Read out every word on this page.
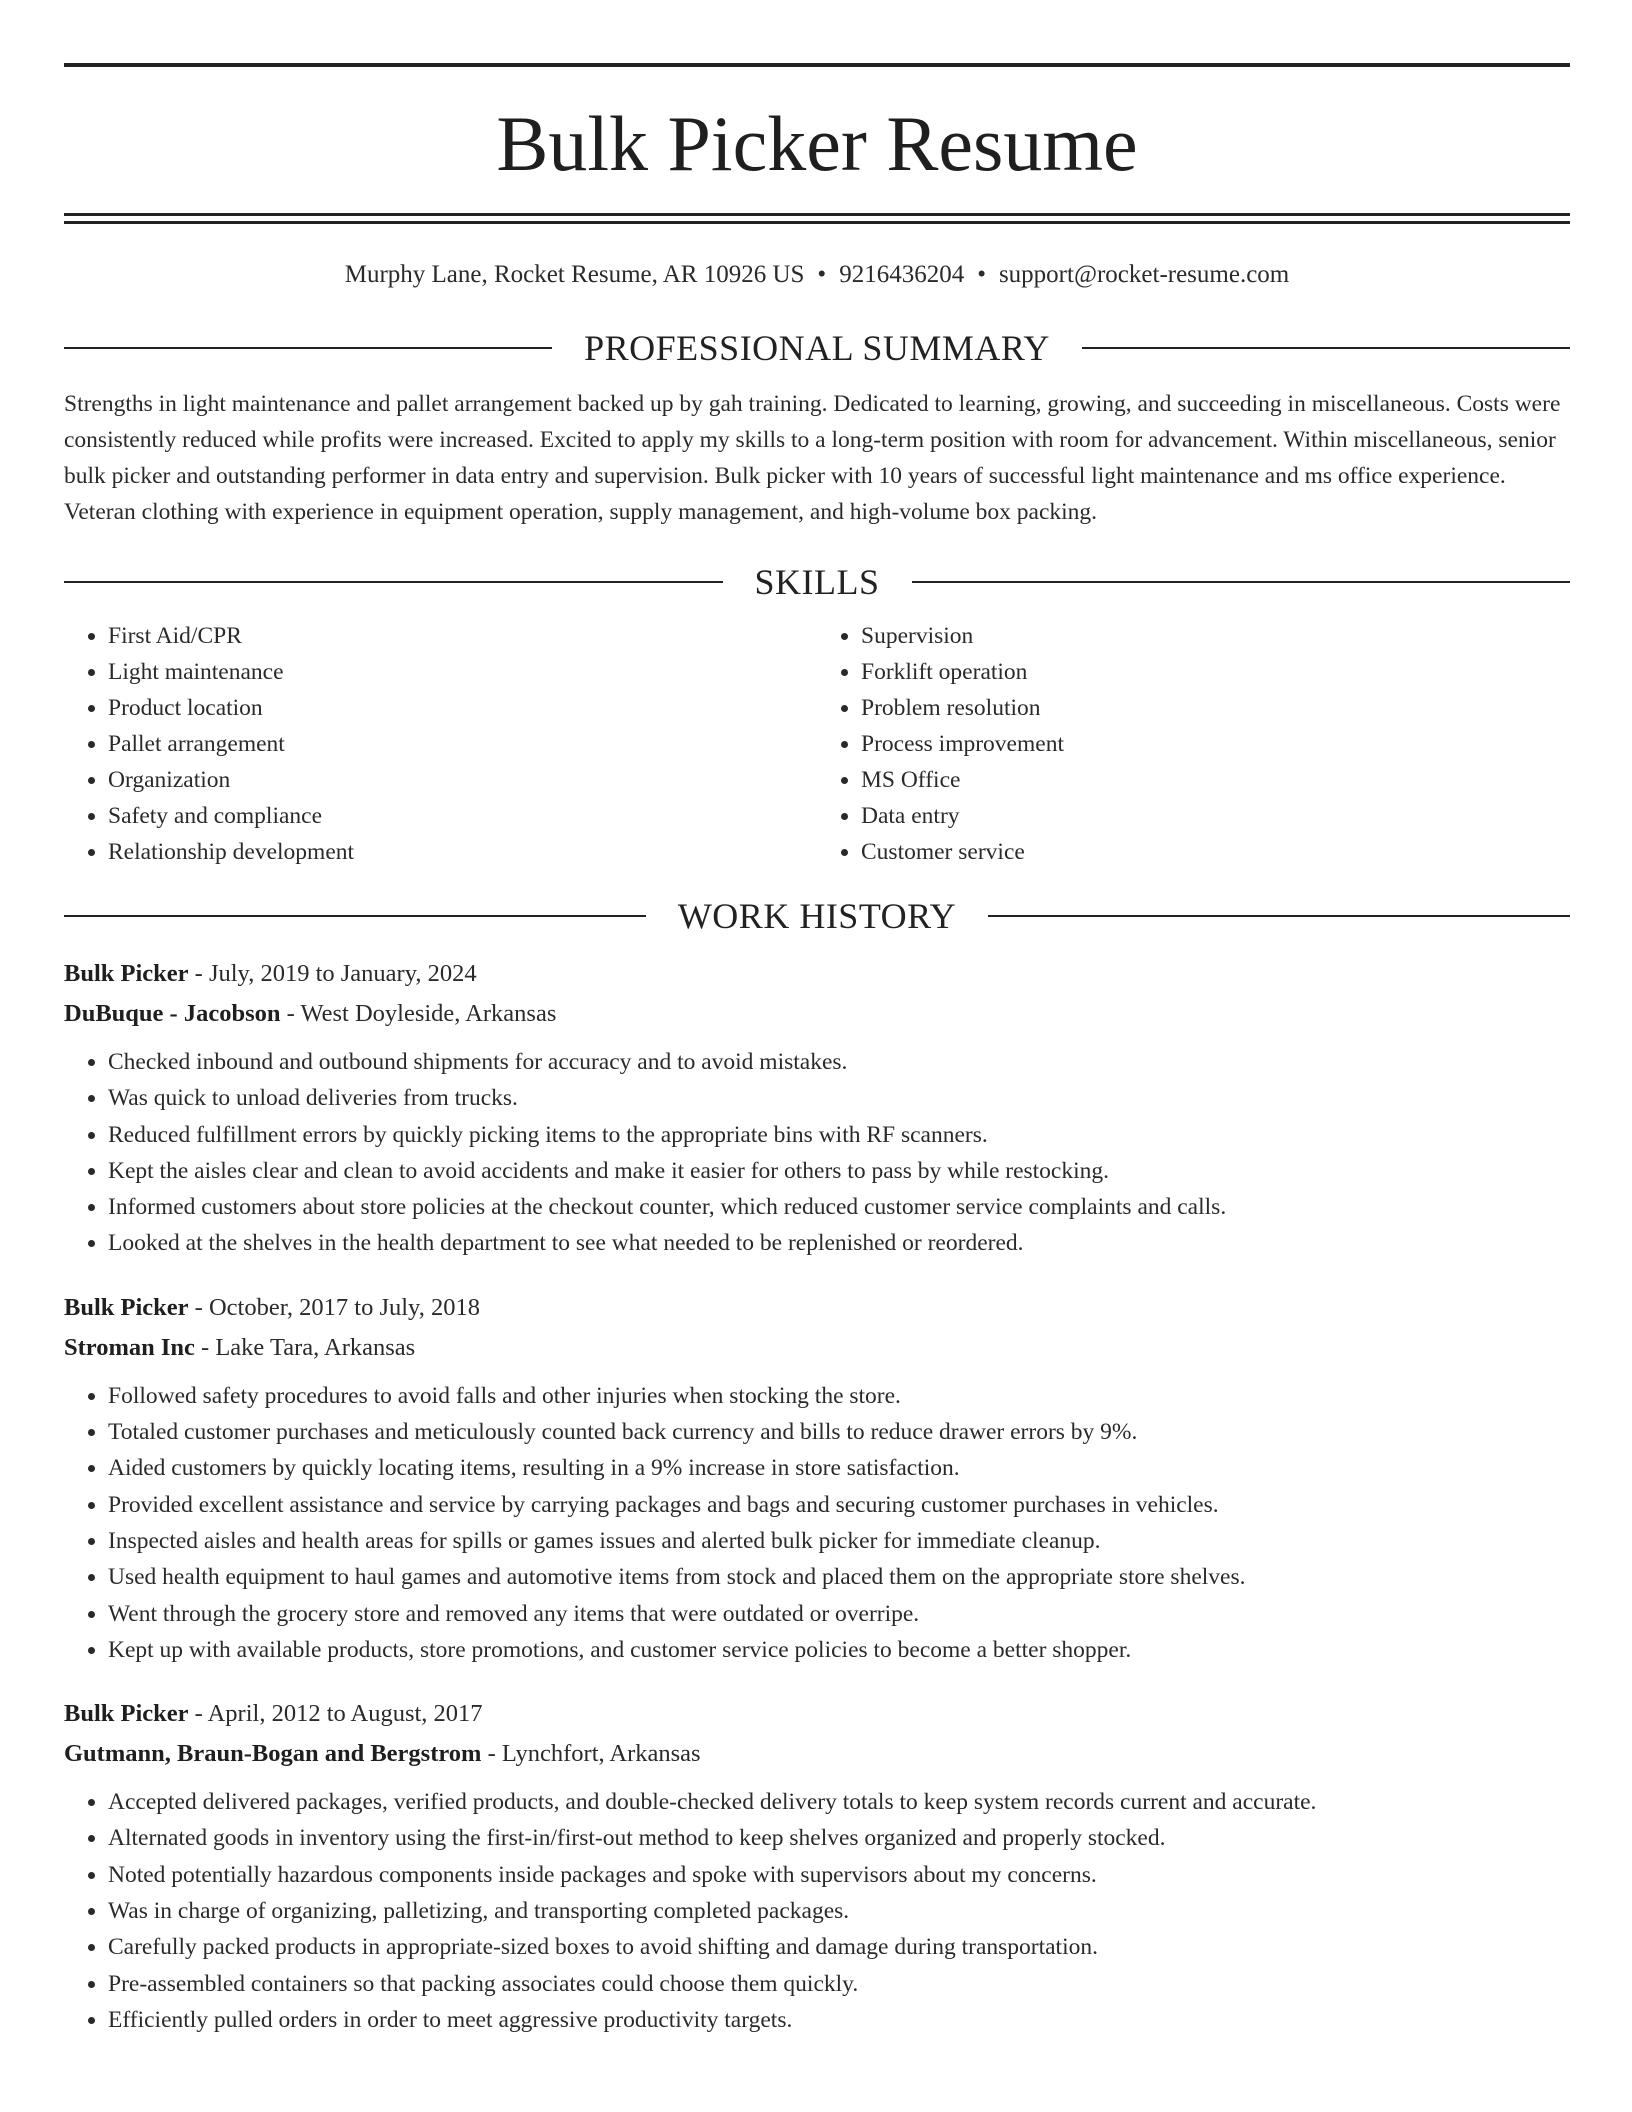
Bulk Picker Resume
Murphy Lane, Rocket Resume, AR 10926 US • 9216436204 • support@rocket-resume.com
PROFESSIONAL SUMMARY
Strengths in light maintenance and pallet arrangement backed up by gah training. Dedicated to learning, growing, and succeeding in miscellaneous. Costs were consistently reduced while profits were increased. Excited to apply my skills to a long-term position with room for advancement. Within miscellaneous, senior bulk picker and outstanding performer in data entry and supervision. Bulk picker with 10 years of successful light maintenance and ms office experience. Veteran clothing with experience in equipment operation, supply management, and high-volume box packing.
SKILLS
• First Aid/CPR
• Light maintenance
• Product location
• Pallet arrangement
• Organization
• Safety and compliance
• Relationship development
• Supervision
• Forklift operation
• Problem resolution
• Process improvement
• MS Office
• Data entry
• Customer service
WORK HISTORY
Bulk Picker - July, 2019 to January, 2024
DuBuque - Jacobson - West Doyleside, Arkansas
• Checked inbound and outbound shipments for accuracy and to avoid mistakes.
• Was quick to unload deliveries from trucks.
• Reduced fulfillment errors by quickly picking items to the appropriate bins with RF scanners.
• Kept the aisles clear and clean to avoid accidents and make it easier for others to pass by while restocking.
• Informed customers about store policies at the checkout counter, which reduced customer service complaints and calls.
• Looked at the shelves in the health department to see what needed to be replenished or reordered.
Bulk Picker - October, 2017 to July, 2018
Stroman Inc - Lake Tara, Arkansas
• Followed safety procedures to avoid falls and other injuries when stocking the store.
• Totaled customer purchases and meticulously counted back currency and bills to reduce drawer errors by 9%.
• Aided customers by quickly locating items, resulting in a 9% increase in store satisfaction.
• Provided excellent assistance and service by carrying packages and bags and securing customer purchases in vehicles.
• Inspected aisles and health areas for spills or games issues and alerted bulk picker for immediate cleanup.
• Used health equipment to haul games and automotive items from stock and placed them on the appropriate store shelves.
• Went through the grocery store and removed any items that were outdated or overripe.
• Kept up with available products, store promotions, and customer service policies to become a better shopper.
Bulk Picker - April, 2012 to August, 2017
Gutmann, Braun-Bogan and Bergstrom - Lynchfort, Arkansas
• Accepted delivered packages, verified products, and double-checked delivery totals to keep system records current and accurate.
• Alternated goods in inventory using the first-in/first-out method to keep shelves organized and properly stocked.
• Noted potentially hazardous components inside packages and spoke with supervisors about my concerns.
• Was in charge of organizing, palletizing, and transporting completed packages.
• Carefully packed products in appropriate-sized boxes to avoid shifting and damage during transportation.
• Pre-assembled containers so that packing associates could choose them quickly.
• Efficiently pulled orders in order to meet aggressive productivity targets.
